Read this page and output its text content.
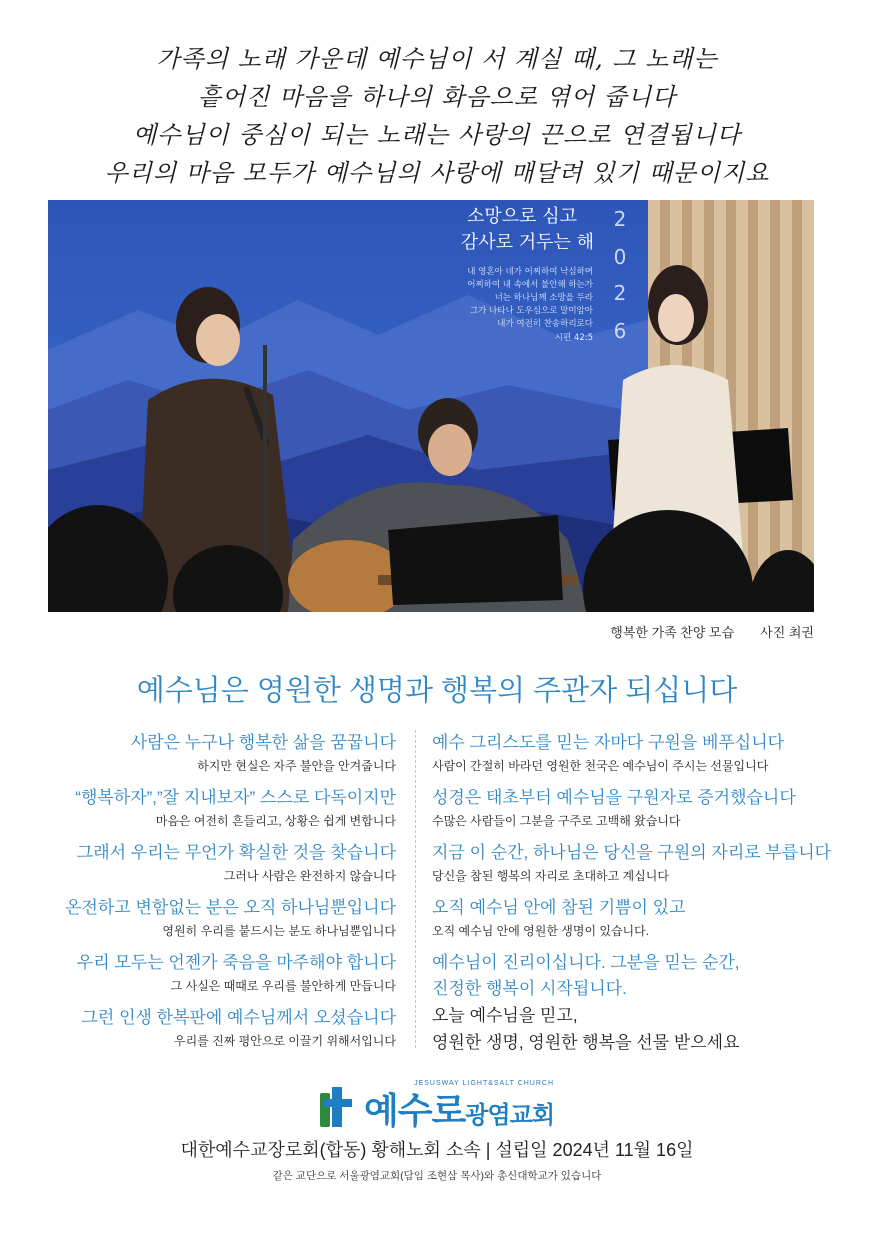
가족의 노래 가운데 예수님이 서 계실 때, 그 노래는

흩어진 마음을 하나의 화음으로 엮어 줍니다

예수님이 중심이 되는 노래는 사랑의 끈으로 연결됩니다

우리의 마음 모두가 예수님의 사랑에 매달려 있기 때문이지요

소망으로 심고
감사로 거두는 해
2
0
2
6
내 영혼아 네가 어찌하여 낙심하며
어찌하여 내 속에서 불안해 하는가
너는 하나님께 소망을 두라
그가 나타나 도우심으로 말미암아
내가 여전히 찬송하리로다
시편 42:5
행복한 가족 찬양 모습 사진 최권
예수님은 영원한 생명과 행복의 주관자 되십니다
사람은 누구나 행복한 삶을 꿈꿉니다
하지만 현실은 자주 불안을 안겨줍니다
“행복하자”,”잘 지내보자” 스스로 다독이지만
마음은 여전히 흔들리고, 상황은 쉽게 변합니다
그래서 우리는 무언가 확실한 것을 찾습니다
그러나 사람은 완전하지 않습니다
온전하고 변함없는 분은 오직 하나님뿐입니다
영원히 우리를 붙드시는 분도 하나님뿐입니다
우리 모두는 언젠가 죽음을 마주해야 합니다
그 사실은 때때로 우리를 불안하게 만듭니다
그런 인생 한복판에 예수님께서 오셨습니다
우리를 진짜 평안으로 이끌기 위해서입니다
예수 그리스도를 믿는 자마다 구원을 베푸십니다
사람이 간절히 바라던 영원한 천국은 예수님이 주시는 선물입니다
성경은 태초부터 예수님을 구원자로 증거했습니다
수많은 사람들이 그분을 구주로 고백해 왔습니다
지금 이 순간, 하나님은 당신을 구원의 자리로 부릅니다
당신을 참된 행복의 자리로 초대하고 계십니다
오직 예수님 안에 참된 기쁨이 있고
오직 예수님 안에 영원한 생명이 있습니다.
예수님이 진리이십니다. 그분을 믿는 순간,
진정한 행복이 시작됩니다.
오늘 예수님을 믿고,
영원한 생명, 영원한 행복을 선물 받으세요
JESUSWAY LIGHT&SALT CHURCH
예수로광염교회
대한예수교장로회(합동) 황해노회 소속 | 설립일 2024년 11월 16일
같은 교단으로 서울광염교회(담임 조현삼 목사)와 총신대학교가 있습니다
